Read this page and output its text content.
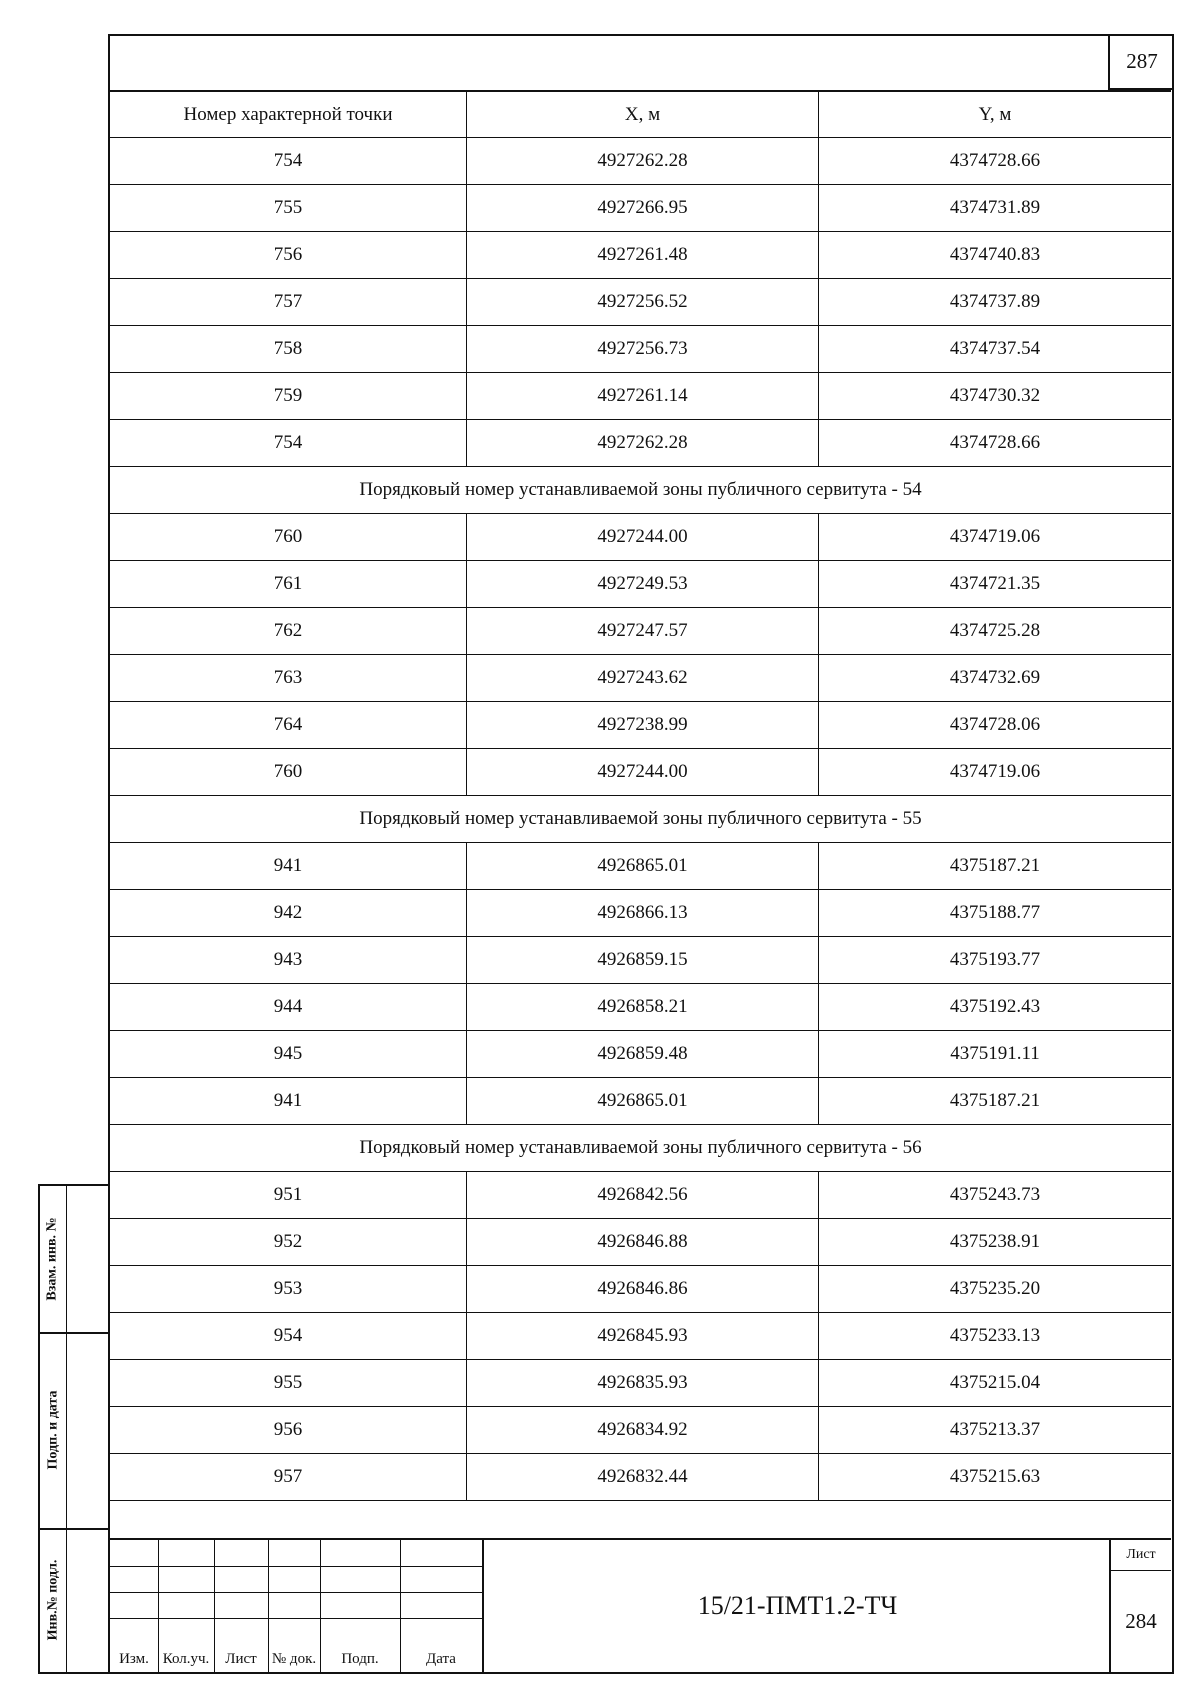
287
Номер характерной точки	X, м	Y, м
754	4927262.28	4374728.66
755	4927266.95	4374731.89
756	4927261.48	4374740.83
757	4927256.52	4374737.89
758	4927256.73	4374737.54
759	4927261.14	4374730.32
754	4927262.28	4374728.66
Порядковый номер устанавливаемой зоны публичного сервитута - 54
760	4927244.00	4374719.06
761	4927249.53	4374721.35
762	4927247.57	4374725.28
763	4927243.62	4374732.69
764	4927238.99	4374728.06
760	4927244.00	4374719.06
Порядковый номер устанавливаемой зоны публичного сервитута - 55
941	4926865.01	4375187.21
942	4926866.13	4375188.77
943	4926859.15	4375193.77
944	4926858.21	4375192.43
945	4926859.48	4375191.11
941	4926865.01	4375187.21
Порядковый номер устанавливаемой зоны публичного сервитута - 56
951	4926842.56	4375243.73
952	4926846.88	4375238.91
953	4926846.86	4375235.20
954	4926845.93	4375233.13
955	4926835.93	4375215.04
956	4926834.92	4375213.37
957	4926832.44	4375215.63
Изм. Кол.уч.	Лист	№ док.	Подп.	Дата
15/21-ПМТ1.2-ТЧ
Лист
284
Взам. инв. №
Подп. и дата
Инв.№ подл.
